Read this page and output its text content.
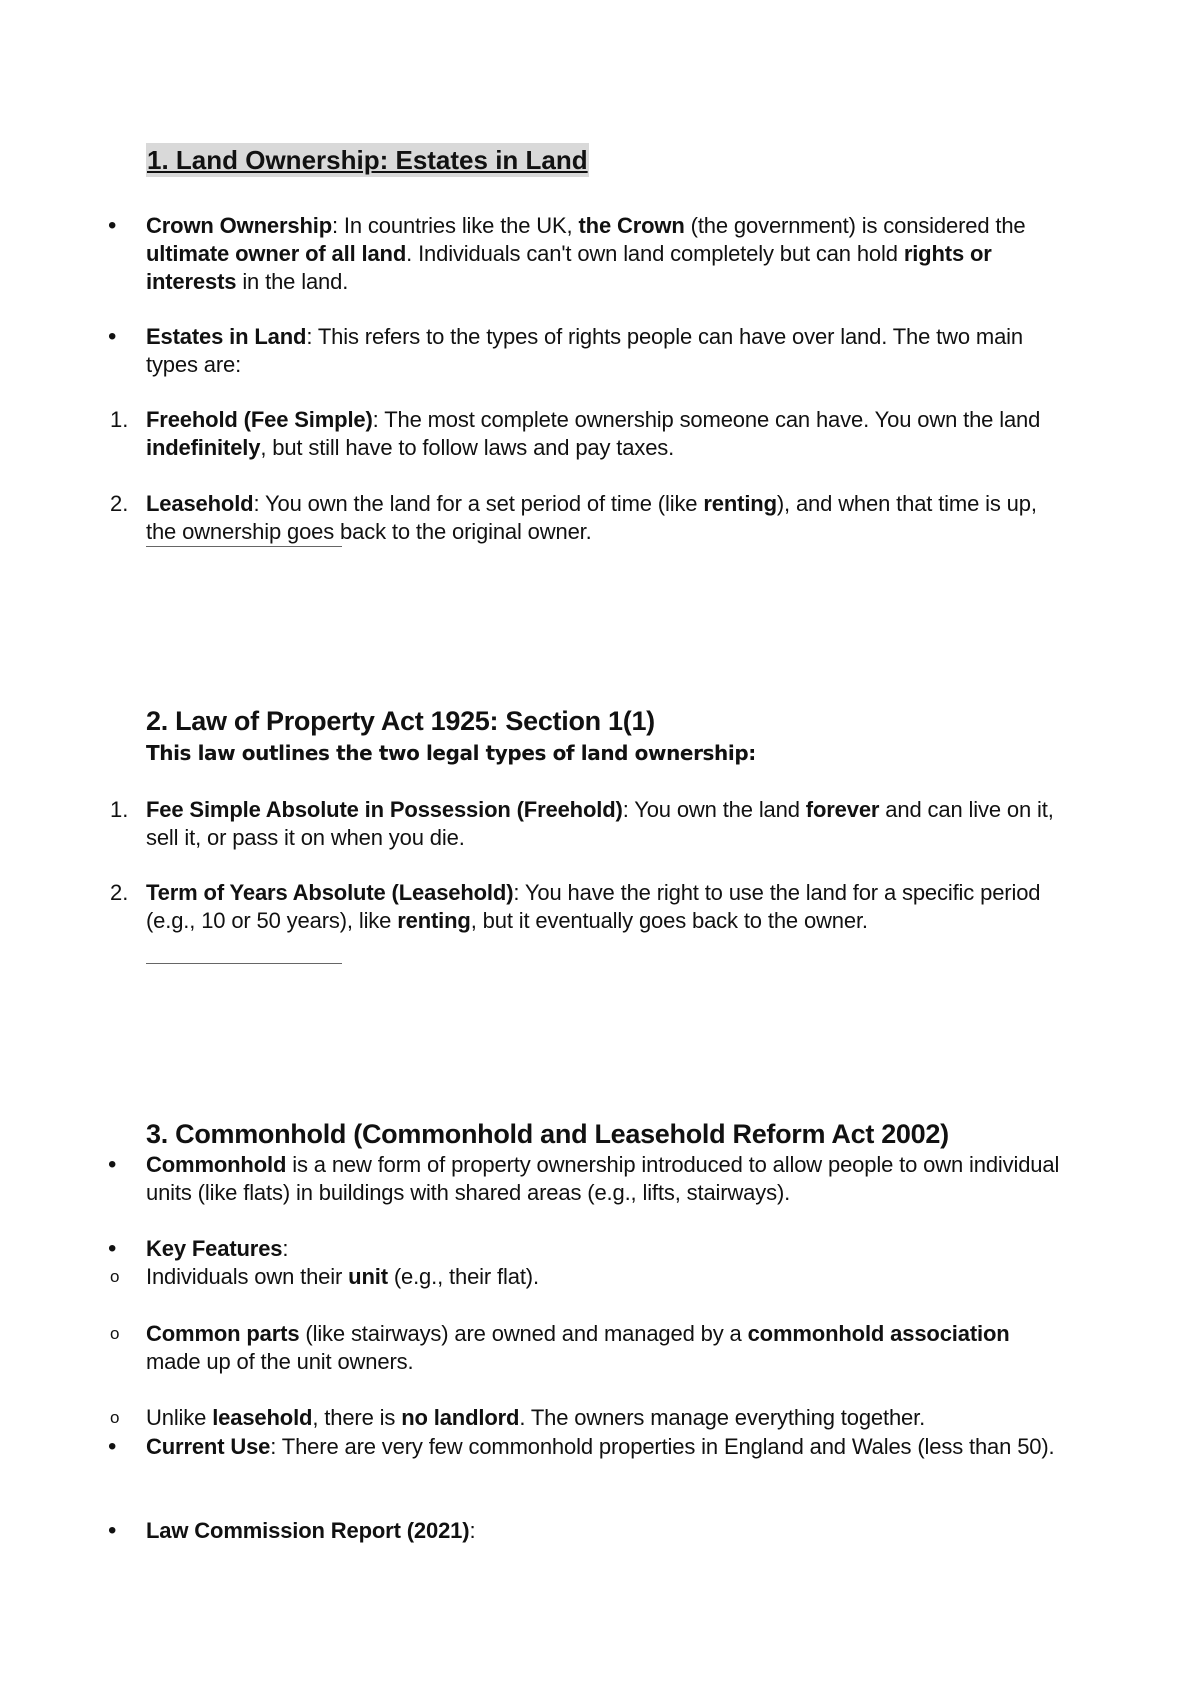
1. Land Ownership: Estates in Land
• Crown Ownership: In countries like the UK, the Crown (the government) is considered the ultimate owner of all land. Individuals can't own land completely but can hold rights or interests in the land.
• Estates in Land: This refers to the types of rights people can have over land. The two main types are:
1. Freehold (Fee Simple): The most complete ownership someone can have. You own the land indefinitely, but still have to follow laws and pay taxes.
2. Leasehold: You own the land for a set period of time (like renting), and when that time is up, the ownership goes back to the original owner.
2. Law of Property Act 1925: Section 1(1)
This law outlines the two legal types of land ownership:
1. Fee Simple Absolute in Possession (Freehold): You own the land forever and can live on it, sell it, or pass it on when you die.
2. Term of Years Absolute (Leasehold): You have the right to use the land for a specific period (e.g., 10 or 50 years), like renting, but it eventually goes back to the owner.
3. Commonhold (Commonhold and Leasehold Reform Act 2002)
• Commonhold is a new form of property ownership introduced to allow people to own individual units (like flats) in buildings with shared areas (e.g., lifts, stairways).
• Key Features:
o Individuals own their unit (e.g., their flat).
o Common parts (like stairways) are owned and managed by a commonhold association made up of the unit owners.
o Unlike leasehold, there is no landlord. The owners manage everything together.
• Current Use: There are very few commonhold properties in England and Wales (less than 50).
• Law Commission Report (2021):
